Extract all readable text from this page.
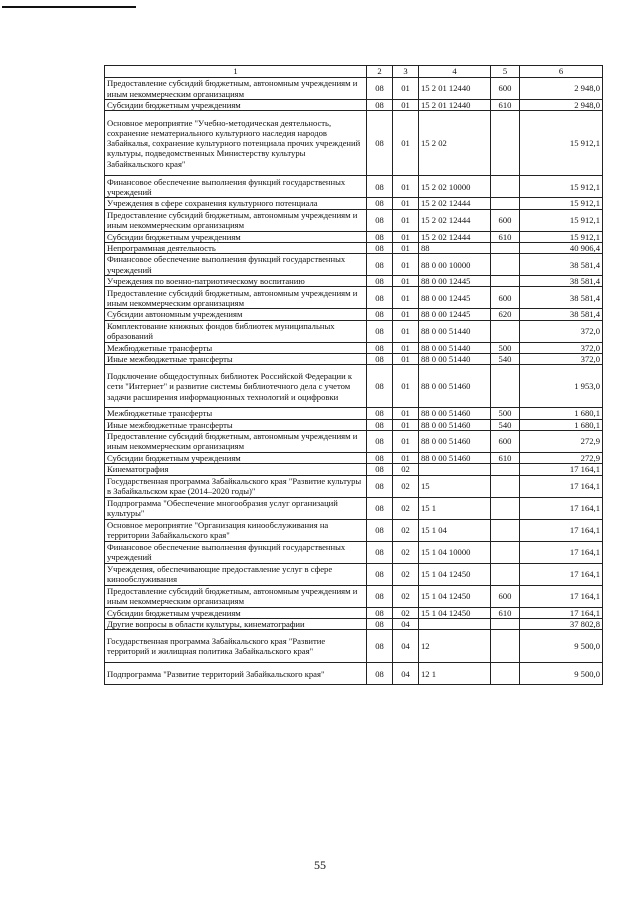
1	2	3	4	5	6
Предоставление субсидий бюджетным, автономным учреждениям и иным некоммерческим организациям	08	01	15 2 01 12440	600	2 948,0
Субсидии бюджетным учреждениям	08	01	15 2 01 12440	610	2 948,0
Основное мероприятие "Учебно-методическая деятельность, сохранение нематериального культурного наследия народов Забайкалья, сохранение культурного потенциала прочих учреждений культуры, подведомственных Министерству культуры Забайкальского края"	08	01	15 2 02		15 912,1
Финансовое обеспечение выполнения функций государственных учреждений	08	01	15 2 02 10000		15 912,1
Учреждения в сфере сохранения культурного потенциала	08	01	15 2 02 12444		15 912,1
Предоставление субсидий бюджетным, автономным учреждениям и иным некоммерческим организациям	08	01	15 2 02 12444	600	15 912,1
Субсидии бюджетным учреждениям	08	01	15 2 02 12444	610	15 912,1
Непрограммная деятельность	08	01	88		40 906,4
Финансовое обеспечение выполнения функций государственных учреждений	08	01	88 0 00 10000		38 581,4
Учреждения по военно-патриотическому воспитанию	08	01	88 0 00 12445		38 581,4
Предоставление субсидий бюджетным, автономным учреждениям и иным некоммерческим организациям	08	01	88 0 00 12445	600	38 581,4
Субсидии автономным учреждениям	08	01	88 0 00 12445	620	38 581,4
Комплектование книжных фондов библиотек муниципальных образований	08	01	88 0 00 51440		372,0
Межбюджетные трансферты	08	01	88 0 00 51440	500	372,0
Иные межбюджетные трансферты	08	01	88 0 00 51440	540	372,0
Подключение общедоступных библиотек Российской Федерации к сети "Интернет" и развитие системы библиотечного дела с учетом задачи расширения информационных технологий и оцифровки	08	01	88 0 00 51460		1 953,0
Межбюджетные трансферты	08	01	88 0 00 51460	500	1 680,1
Иные межбюджетные трансферты	08	01	88 0 00 51460	540	1 680,1
Предоставление субсидий бюджетным, автономным учреждениям и иным некоммерческим организациям	08	01	88 0 00 51460	600	272,9
Субсидии бюджетным учреждениям	08	01	88 0 00 51460	610	272,9
Кинематография	08	02			17 164,1
Государственная программа Забайкальского края "Развитие культуры в Забайкальском крае (2014–2020 годы)"	08	02	15		17 164,1
Подпрограмма "Обеспечение многообразия услуг организаций культуры"	08	02	15 1		17 164,1
Основное мероприятие "Организация кинообслуживания на территории Забайкальского края"	08	02	15 1 04		17 164,1
Финансовое обеспечение выполнения функций государственных учреждений	08	02	15 1 04 10000		17 164,1
Учреждения, обеспечивающие предоставление услуг в сфере кинообслуживания	08	02	15 1 04 12450		17 164,1
Предоставление субсидий бюджетным, автономным учреждениям и иным некоммерческим организациям	08	02	15 1 04 12450	600	17 164,1
Субсидии бюджетным учреждениям	08	02	15 1 04 12450	610	17 164,1
Другие вопросы в области культуры, кинематографии	08	04			37 802,8
Государственная программа Забайкальского края "Развитие территорий и жилищная политика Забайкальского края"	08	04	12		9 500,0
Подпрограмма "Развитие территорий Забайкальского края"	08	04	12 1		9 500,0
55
